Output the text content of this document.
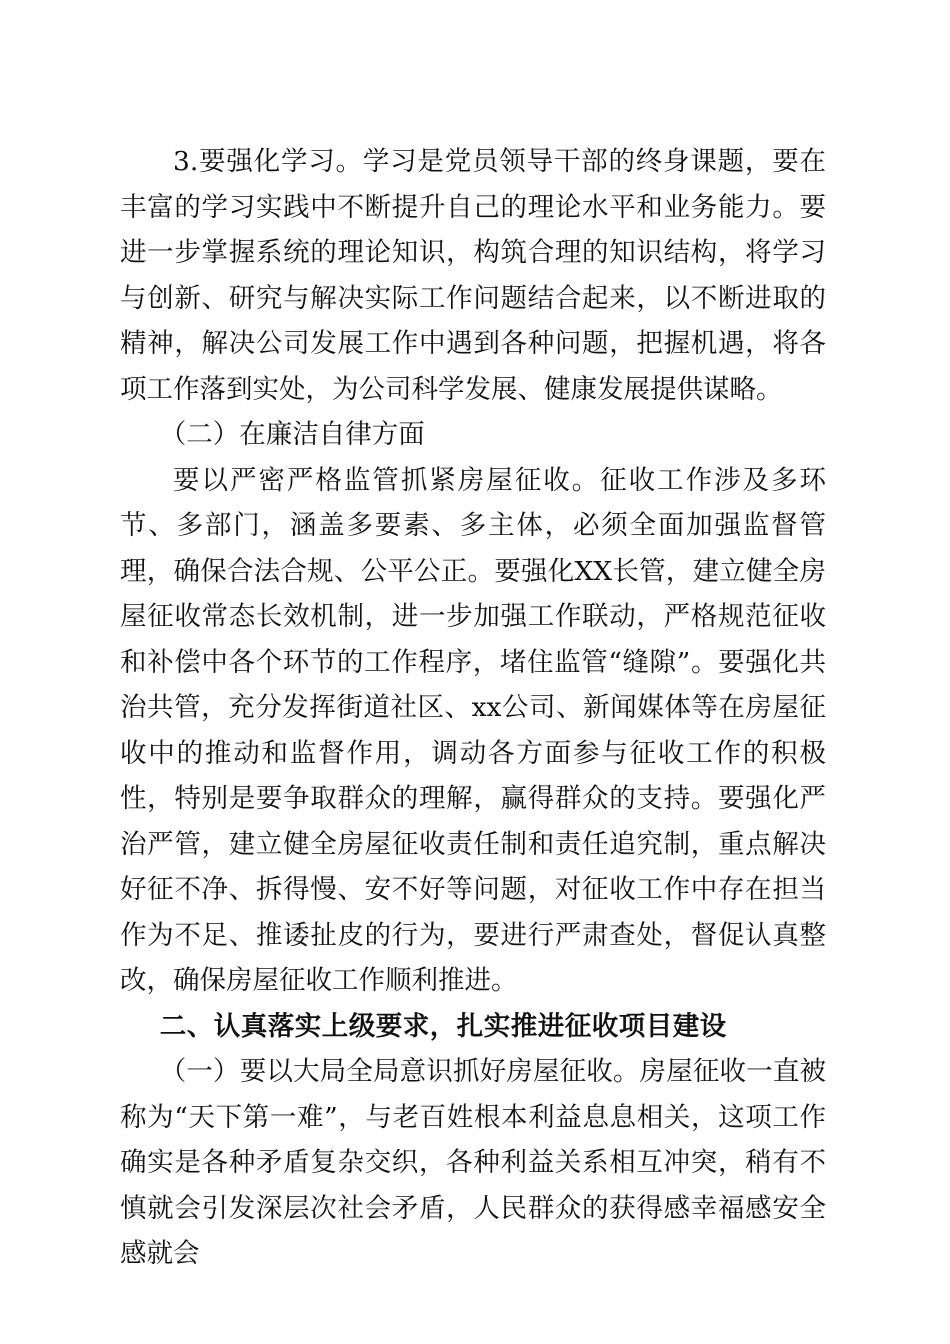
3.要强化学习。学习是党员领导干部的终身课题，要在丰富的学习实践中不断提升自己的理论水平和业务能力。要进一步掌握系统的理论知识，构筑合理的知识结构，将学习与创新、研究与解决实际工作问题结合起来，以不断进取的精神，解决公司发展工作中遇到各种问题，把握机遇，将各项工作落到实处，为公司科学发展、健康发展提供谋略。

（二）在廉洁自律方面

要以严密严格监管抓紧房屋征收。征收工作涉及多环节、多部门，涵盖多要素、多主体，必须全面加强监督管理，确保合法合规、公平公正。要强化XX长管，建立健全房屋征收常态长效机制，进一步加强工作联动，严格规范征收和补偿中各个环节的工作程序，堵住监管“缝隙”。要强化共治共管，充分发挥街道社区、xx公司、新闻媒体等在房屋征收中的推动和监督作用，调动各方面参与征收工作的积极性，特别是要争取群众的理解，赢得群众的支持。要强化严治严管，建立健全房屋征收责任制和责任追究制，重点解决好征不净、拆得慢、安不好等问题，对征收工作中存在担当作为不足、推诿扯皮的行为，要进行严肃查处，督促认真整改，确保房屋征收工作顺利推进。

二、认真落实上级要求，扎实推进征收项目建设

（一）要以大局全局意识抓好房屋征收。房屋征收一直被称为“天下第一难”，与老百姓根本利益息息相关，这项工作确实是各种矛盾复杂交织，各种利益关系相互冲突，稍有不慎就会引发深层次社会矛盾，人民群众的获得感幸福感安全感就会
